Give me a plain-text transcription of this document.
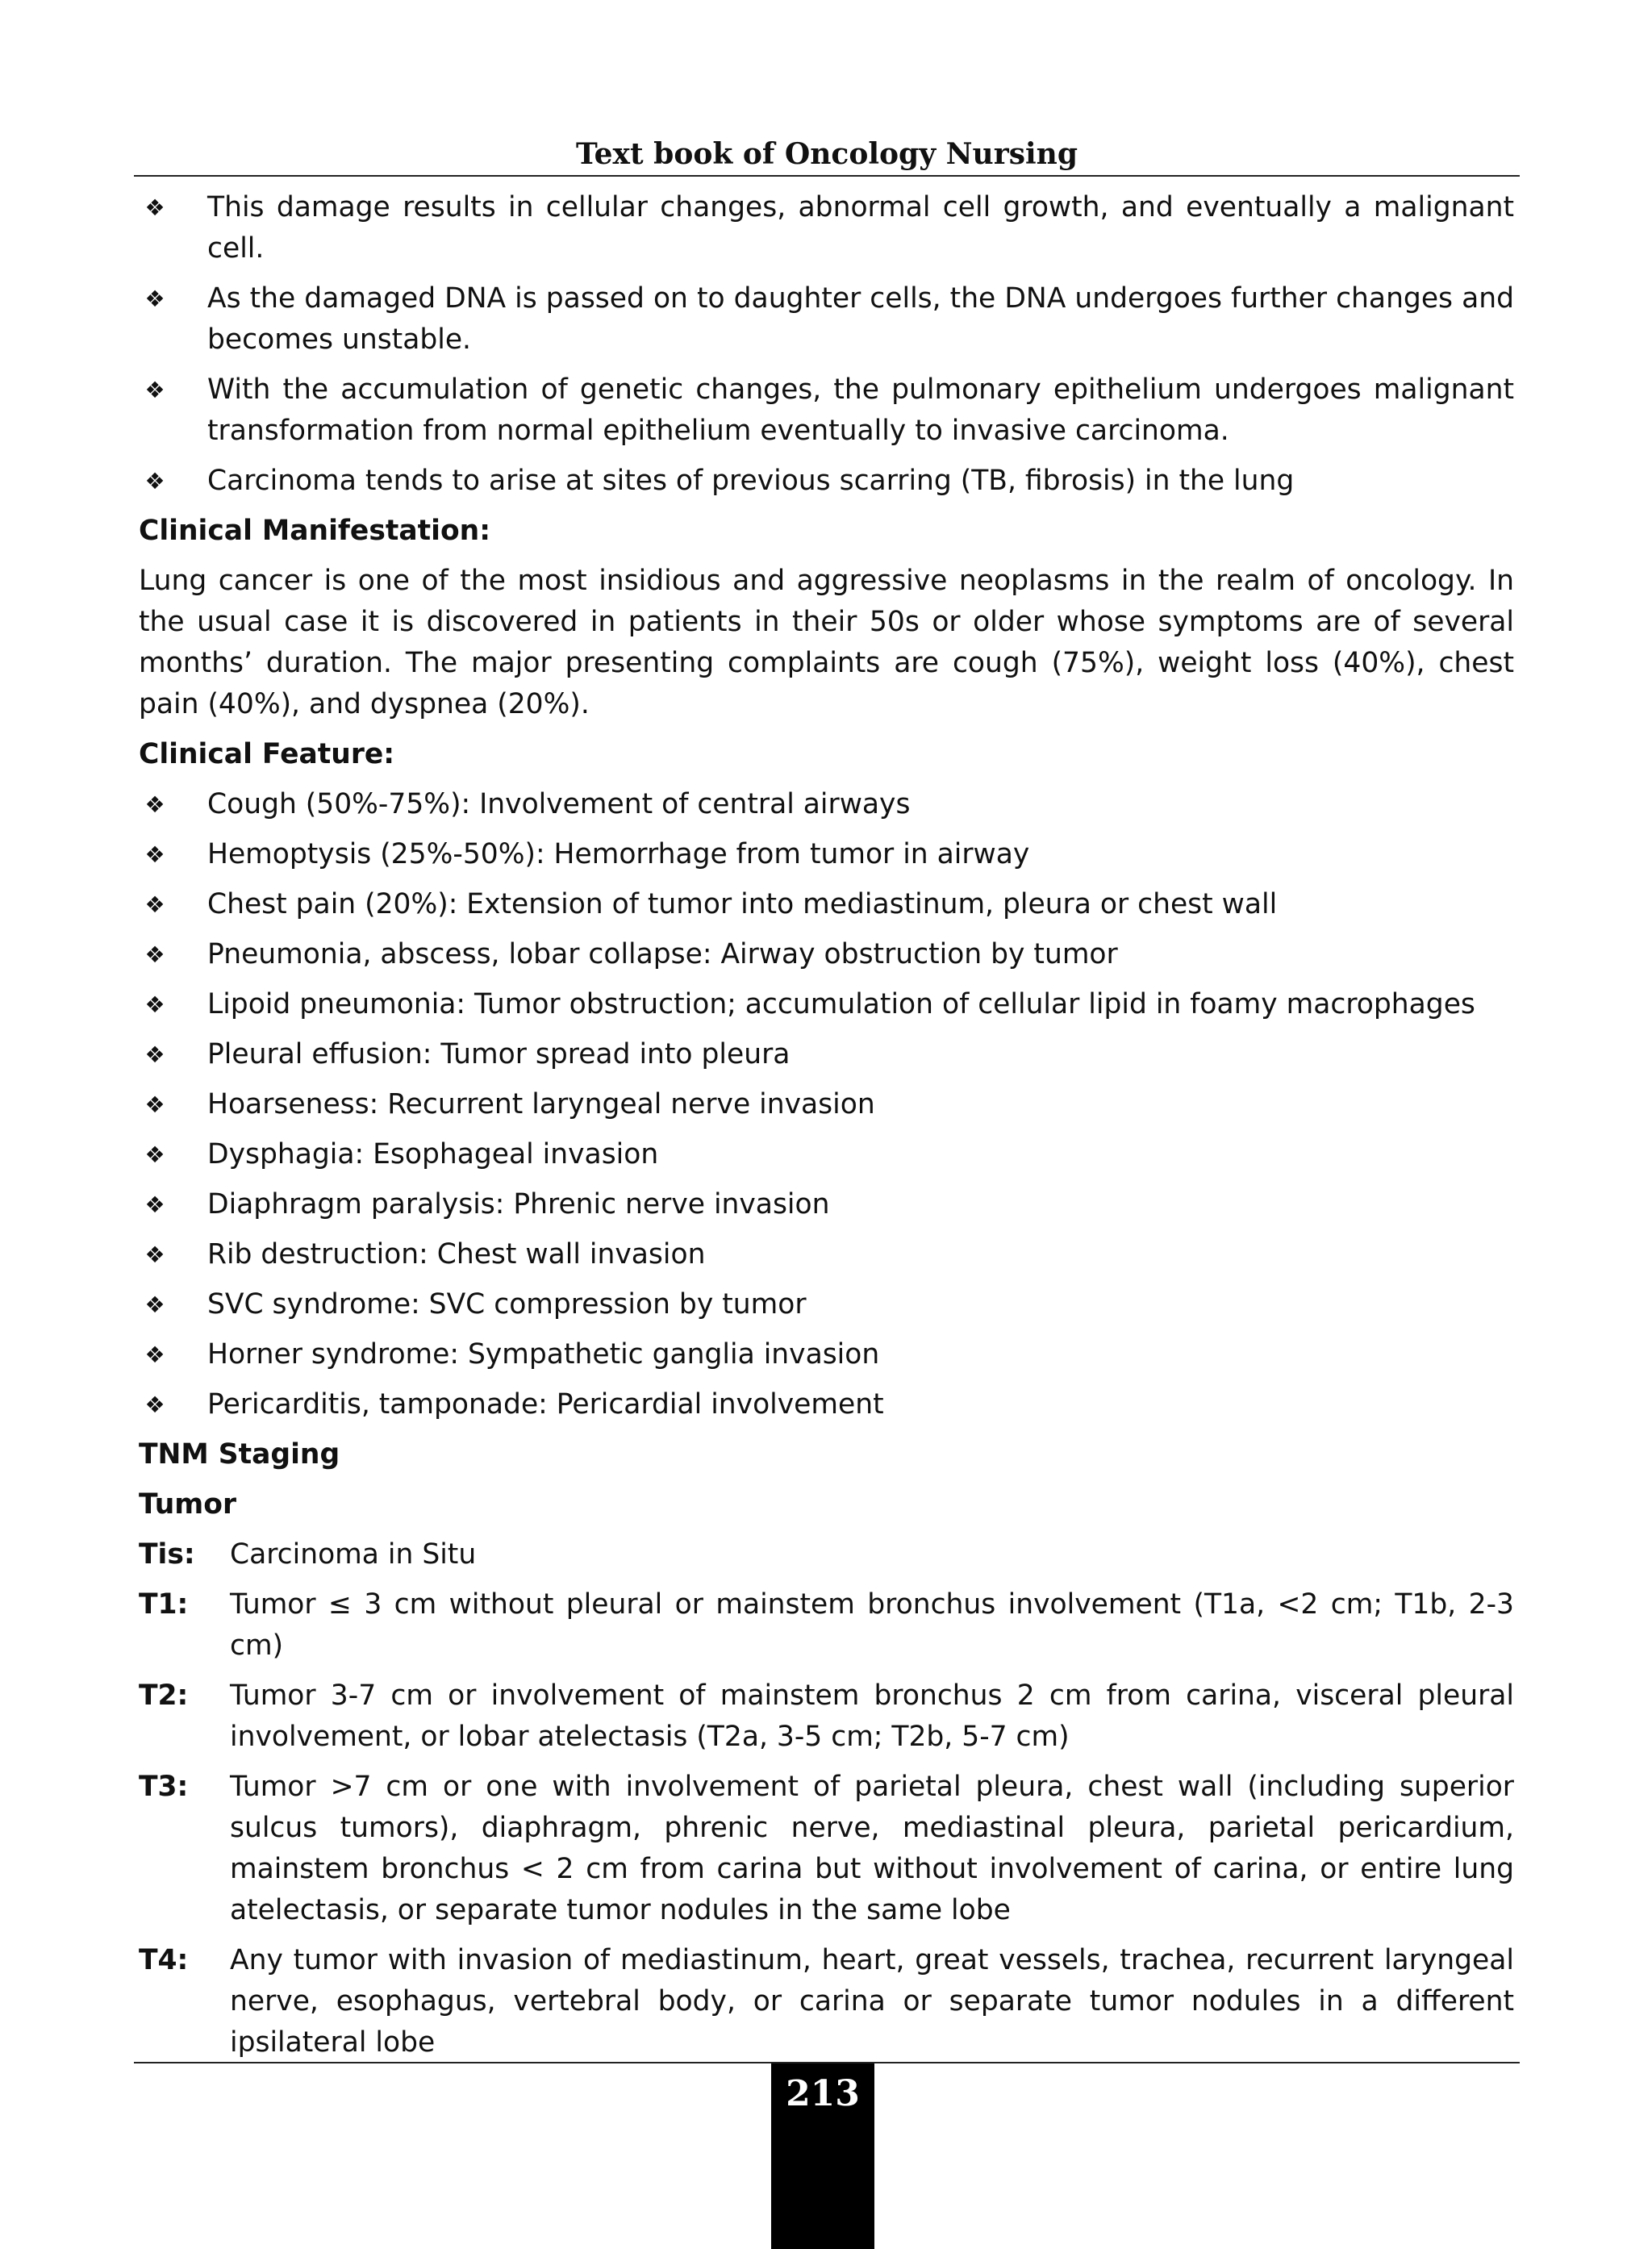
Text book of Oncology Nursing
❖ This damage results in cellular changes, abnormal cell growth, and eventually a malignant cell.
❖ As the damaged DNA is passed on to daughter cells, the DNA undergoes further changes and becomes unstable.
❖ With the accumulation of genetic changes, the pulmonary epithelium undergoes malignant transformation from normal epithelium eventually to invasive carcinoma.
❖ Carcinoma tends to arise at sites of previous scarring (TB, fibrosis) in the lung
Clinical Manifestation:

Lung cancer is one of the most insidious and aggressive neoplasms in the realm of oncology. In the usual case it is discovered in patients in their 50s or older whose symptoms are of several months’ duration. The major presenting complaints are cough (75%), weight loss (40%), chest pain (40%), and dyspnea (20%).

Clinical Feature:
❖ Cough (50%-75%): Involvement of central airways
❖ Hemoptysis (25%-50%): Hemorrhage from tumor in airway
❖ Chest pain (20%): Extension of tumor into mediastinum, pleura or chest wall
❖ Pneumonia, abscess, lobar collapse: Airway obstruction by tumor
❖ Lipoid pneumonia: Tumor obstruction; accumulation of cellular lipid in foamy macrophages
❖ Pleural effusion: Tumor spread into pleura
❖ Hoarseness: Recurrent laryngeal nerve invasion
❖ Dysphagia: Esophageal invasion
❖ Diaphragm paralysis: Phrenic nerve invasion
❖ Rib destruction: Chest wall invasion
❖ SVC syndrome: SVC compression by tumor
❖ Horner syndrome: Sympathetic ganglia invasion
❖ Pericarditis, tamponade: Pericardial involvement
TNM Staging
Tumor
Tis:	Carcinoma in Situ
T1:	Tumor ≤ 3 cm without pleural or mainstem bronchus involvement (T1a, <2 cm; T1b, 2-3 cm)
T2:	Tumor 3-7 cm or involvement of mainstem bronchus 2 cm from carina, visceral pleural involvement, or lobar atelectasis (T2a, 3-5 cm; T2b, 5-7 cm)
T3:	Tumor >7 cm or one with involvement of parietal pleura, chest wall (including superior sulcus tumors), diaphragm, phrenic nerve, mediastinal pleura, parietal pericardium, mainstem bronchus < 2 cm from carina but without involvement of carina, or entire lung atelectasis, or separate tumor nodules in the same lobe
T4:	Any tumor with invasion of mediastinum, heart, great vessels, trachea, recurrent laryngeal nerve, esophagus, vertebral body, or carina or separate tumor nodules in a different ipsilateral lobe
213
